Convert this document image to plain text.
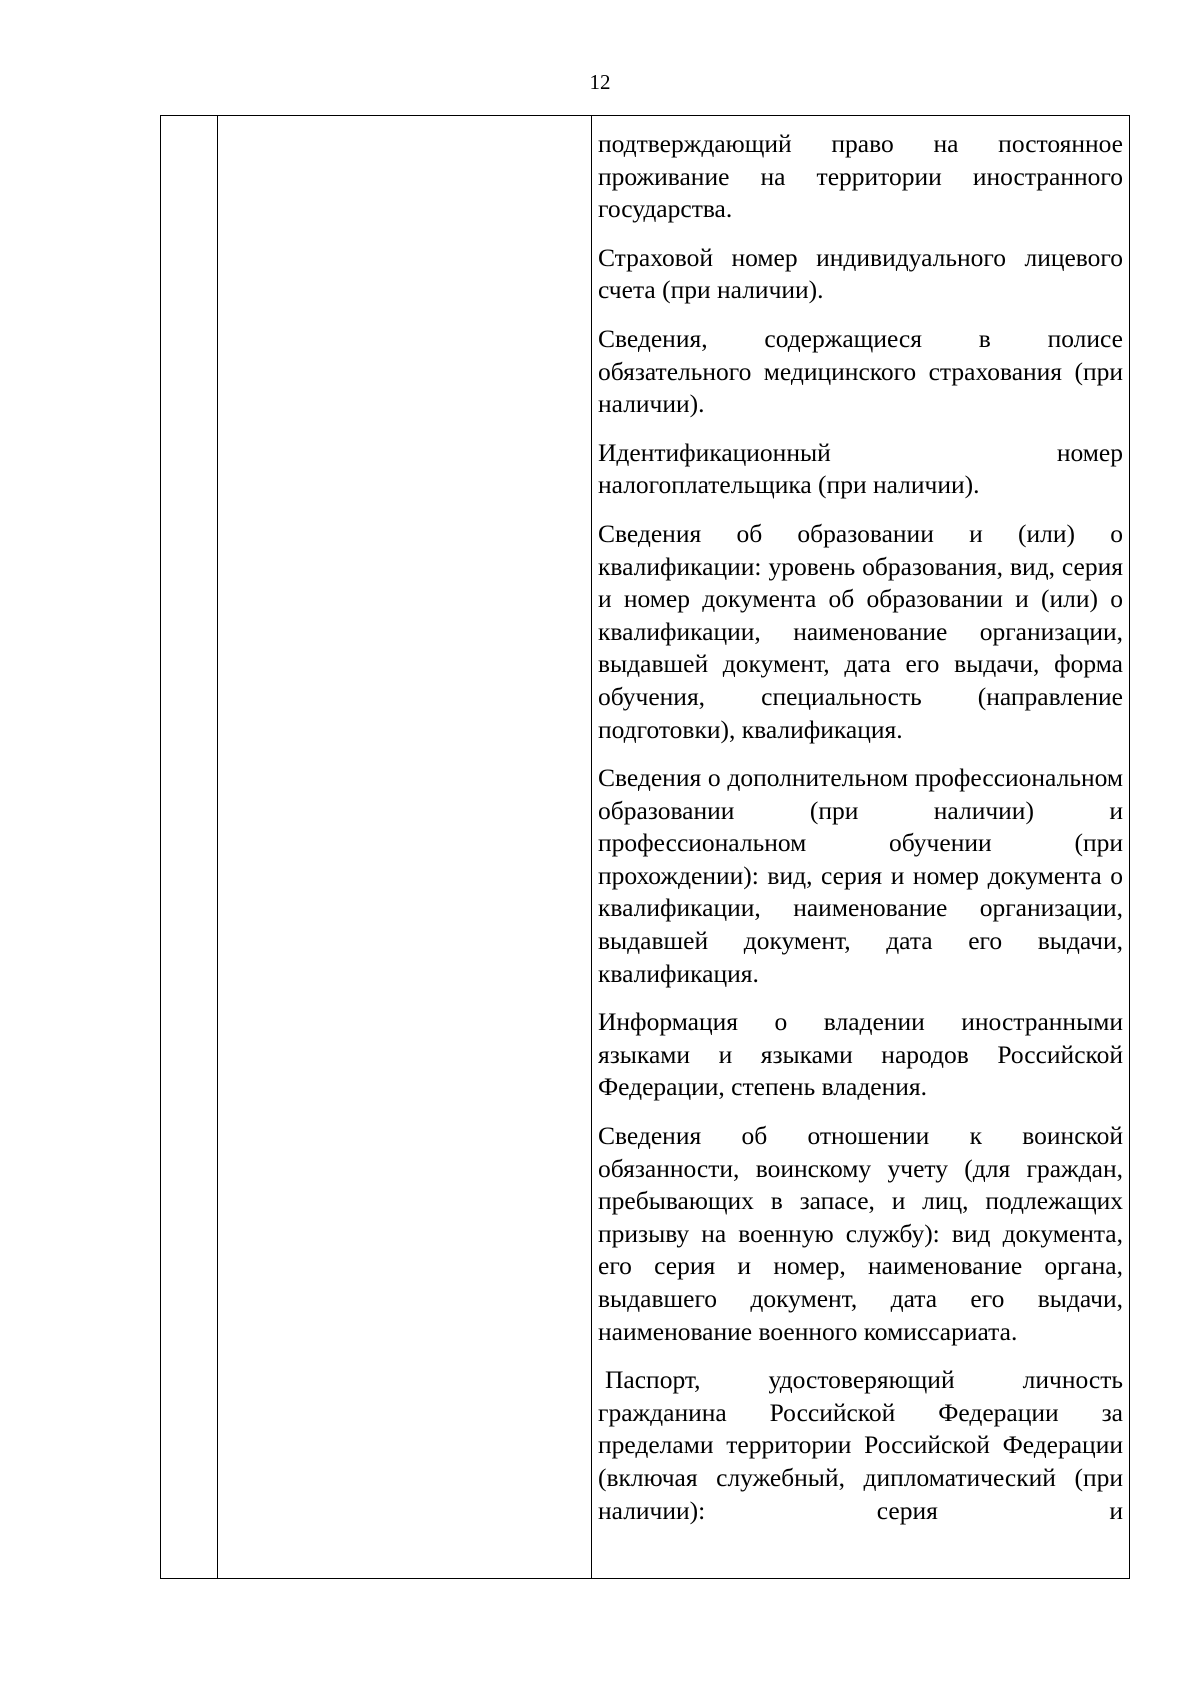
12

подтверждающий право на постоянное проживание на территории иностранного государства.

Страховой номер индивидуального лицевого счета (при наличии).

Сведения, содержащиеся в полисе обязательного медицинского страхования (при наличии).

Идентификационный номер налогоплательщика (при наличии).

Сведения об образовании и (или) о квалификации: уровень образования, вид, серия и номер документа об образовании и (или) о квалификации, наименование организации, выдавшей документ, дата его выдачи, форма обучения, специальность (направление подготовки), квалификация.

Сведения о дополнительном профессиональном образовании (при наличии) и профессиональном обучении (при прохождении): вид, серия и номер документа о квалификации, наименование организации, выдавшей документ, дата его выдачи, квалификация.

Информация о владении иностранными языками и языками народов Российской Федерации, степень владения.

Сведения об отношении к воинской обязанности, воинскому учету (для граждан, пребывающих в запасе, и лиц, подлежащих призыву на военную службу): вид документа, его серия и номер, наименование органа, выдавшего документ, дата его выдачи, наименование военного комиссариата.

Паспорт, удостоверяющий личность гражданина Российской Федерации за пределами территории Российской Федерации (включая служебный, дипломатический (при наличии): серия и
